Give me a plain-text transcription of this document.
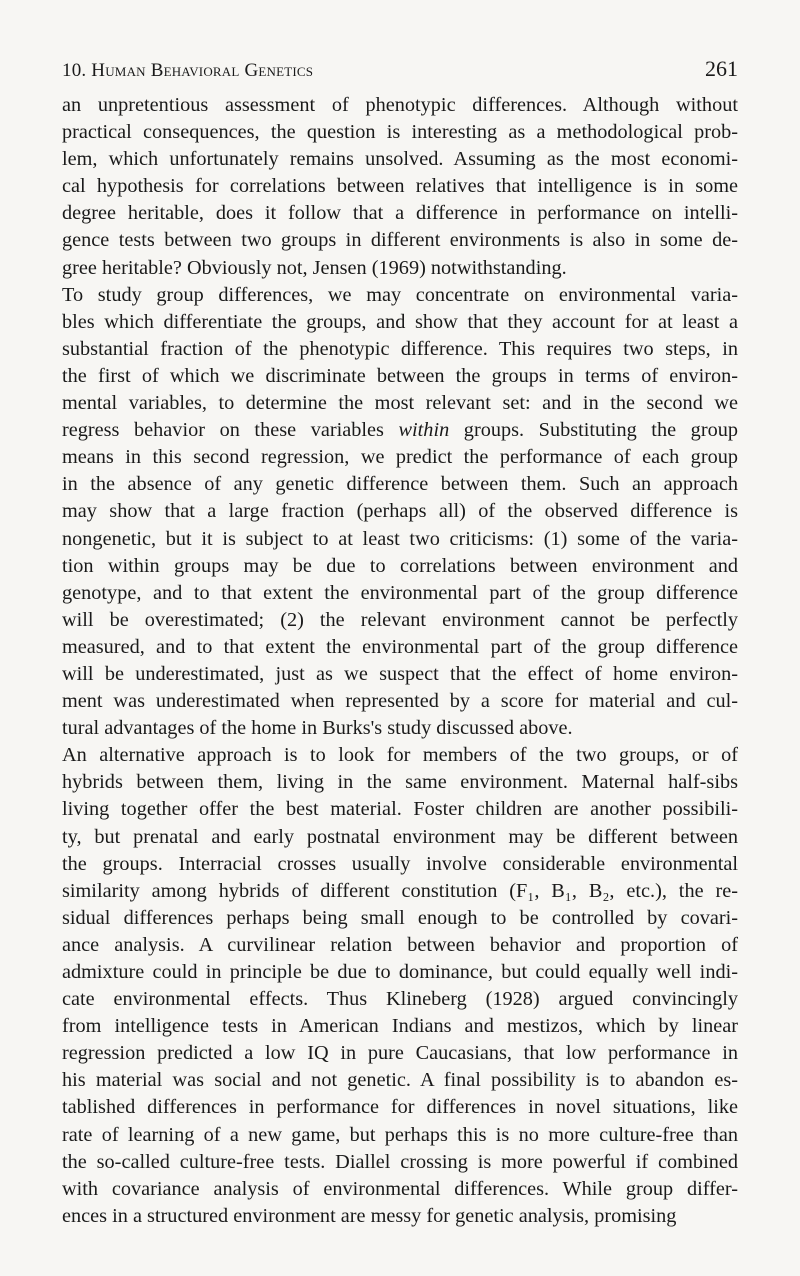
10. Human Behavioral Genetics	261

an unpretentious assessment of phenotypic differences. Although without

practical consequences, the question is interesting as a methodological prob-

lem, which unfortunately remains unsolved. Assuming as the most economi-

cal hypothesis for correlations between relatives that intelligence is in some

degree heritable, does it follow that a difference in performance on intelli-

gence tests between two groups in different environments is also in some de-

gree heritable? Obviously not, Jensen (1969) notwithstanding.

To study group differences, we may concentrate on environmental varia-

bles which differentiate the groups, and show that they account for at least a

substantial fraction of the phenotypic difference. This requires two steps, in

the first of which we discriminate between the groups in terms of environ-

mental variables, to determine the most relevant set: and in the second we

regress behavior on these variables within groups. Substituting the group

means in this second regression, we predict the performance of each group

in the absence of any genetic difference between them. Such an approach

may show that a large fraction (perhaps all) of the observed difference is

nongenetic, but it is subject to at least two criticisms: (1) some of the varia-

tion within groups may be due to correlations between environment and

genotype, and to that extent the environmental part of the group difference

will be overestimated; (2) the relevant environment cannot be perfectly

measured, and to that extent the environmental part of the group difference

will be underestimated, just as we suspect that the effect of home environ-

ment was underestimated when represented by a score for material and cul-

tural advantages of the home in Burks's study discussed above.

An alternative approach is to look for members of the two groups, or of

hybrids between them, living in the same environment. Maternal half-sibs

living together offer the best material. Foster children are another possibili-

ty, but prenatal and early postnatal environment may be different between

the groups. Interracial crosses usually involve considerable environmental

similarity among hybrids of different constitution (F₁, B₁, B₂, etc.), the re-

sidual differences perhaps being small enough to be controlled by covari-

ance analysis. A curvilinear relation between behavior and proportion of

admixture could in principle be due to dominance, but could equally well indi-

cate environmental effects. Thus Klineberg (1928) argued convincingly

from intelligence tests in American Indians and mestizos, which by linear

regression predicted a low IQ in pure Caucasians, that low performance in

his material was social and not genetic. A final possibility is to abandon es-

tablished differences in performance for differences in novel situations, like

rate of learning of a new game, but perhaps this is no more culture-free than

the so-called culture-free tests. Diallel crossing is more powerful if combined

with covariance analysis of environmental differences. While group differ-

ences in a structured environment are messy for genetic analysis, promising
